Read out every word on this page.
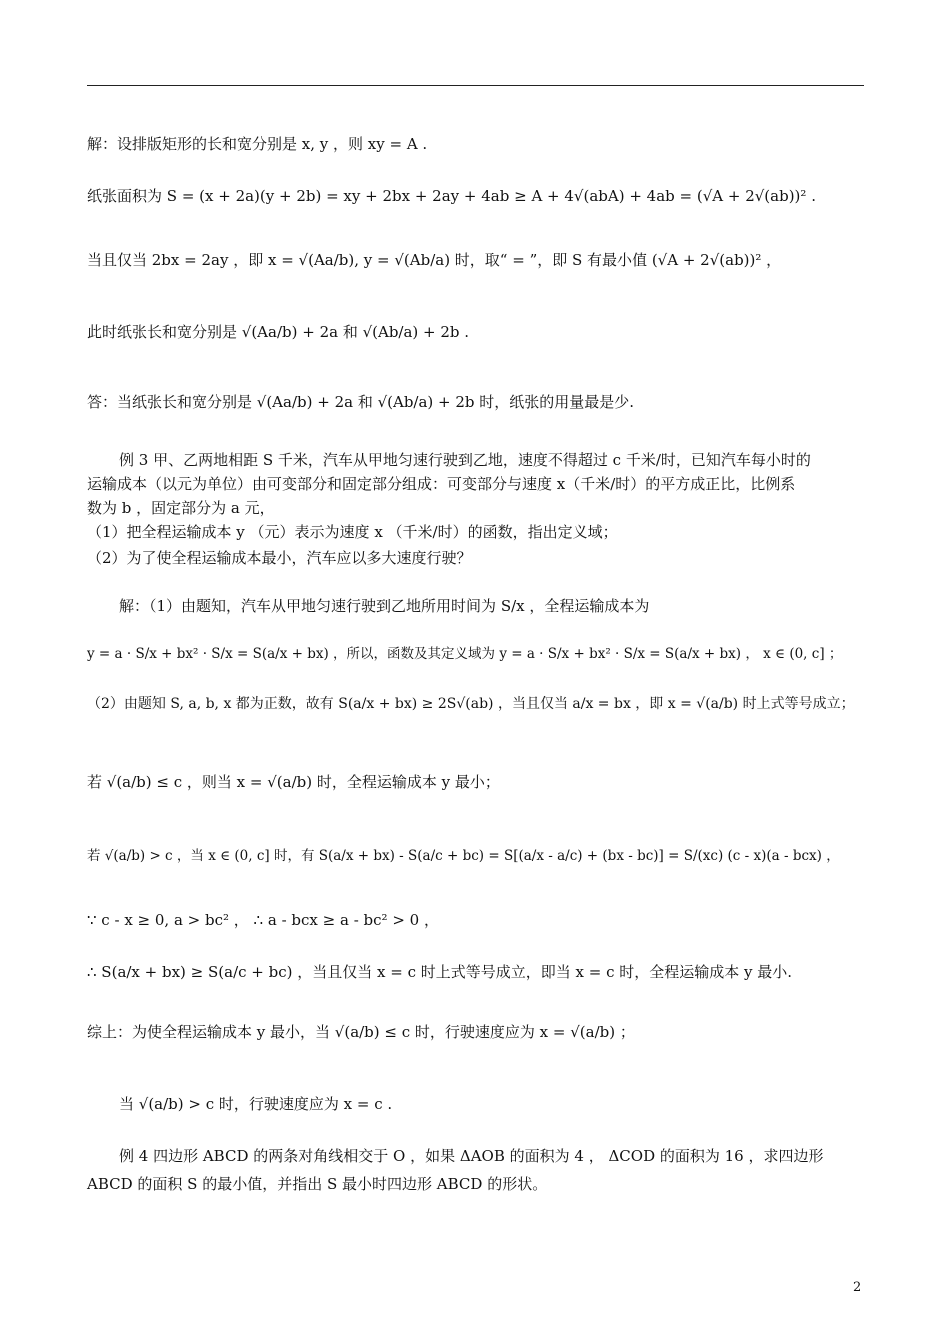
解：设排版矩形的长和宽分别是 x, y ，则 xy = A .
纸张面积为 S = (x + 2a)(y + 2b) = xy + 2bx + 2ay + 4ab ≥ A + 4√(abA) + 4ab = (√A + 2√(ab))² .
当且仅当 2bx = 2ay ，即 x = √(Aa/b), y = √(Ab/a) 时，取“ = ”，即 S 有最小值 (√A + 2√(ab))² ，
此时纸张长和宽分别是 √(Aa/b) + 2a 和 √(Ab/a) + 2b .
答：当纸张长和宽分别是 √(Aa/b) + 2a 和 √(Ab/a) + 2b 时，纸张的用量最是少.
例 3 甲、乙两地相距 S 千米，汽车从甲地匀速行驶到乙地，速度不得超过 c 千米/时，已知汽车每小时的
运输成本（以元为单位）由可变部分和固定部分组成：可变部分与速度 x（千米/时）的平方成正比，比例系
数为 b ，固定部分为 a 元，
（1）把全程运输成本 y （元）表示为速度 x （千米/时）的函数，指出定义域；
（2）为了使全程运输成本最小，汽车应以多大速度行驶？
解：（1）由题知，汽车从甲地匀速行驶到乙地所用时间为 S/x ，全程运输成本为
y = a · S/x + bx² · S/x = S(a/x + bx) ，所以，函数及其定义域为 y = a · S/x + bx² · S/x = S(a/x + bx) ， x ∈ (0, c] ；
（2）由题知 S, a, b, x 都为正数，故有 S(a/x + bx) ≥ 2S√(ab) ，当且仅当 a/x = bx ，即 x = √(a/b) 时上式等号成立；
若 √(a/b) ≤ c ，则当 x = √(a/b) 时，全程运输成本 y 最小；
若 √(a/b) > c ，当 x ∈ (0, c] 时，有 S(a/x + bx) - S(a/c + bc) = S[(a/x - a/c) + (bx - bc)] = S/(xc) (c - x)(a - bcx) ，
∵ c - x ≥ 0, a > bc² ， ∴ a - bcx ≥ a - bc² > 0 ，
∴ S(a/x + bx) ≥ S(a/c + bc) ，当且仅当 x = c 时上式等号成立，即当 x = c 时，全程运输成本 y 最小.
综上：为使全程运输成本 y 最小，当 √(a/b) ≤ c 时，行驶速度应为 x = √(a/b) ；
当 √(a/b) > c 时，行驶速度应为 x = c .
例 4 四边形 ABCD 的两条对角线相交于 O ，如果 ΔAOB 的面积为 4 ， ΔCOD 的面积为 16 ，求四边形
ABCD 的面积 S 的最小值，并指出 S 最小时四边形 ABCD 的形状。
2
